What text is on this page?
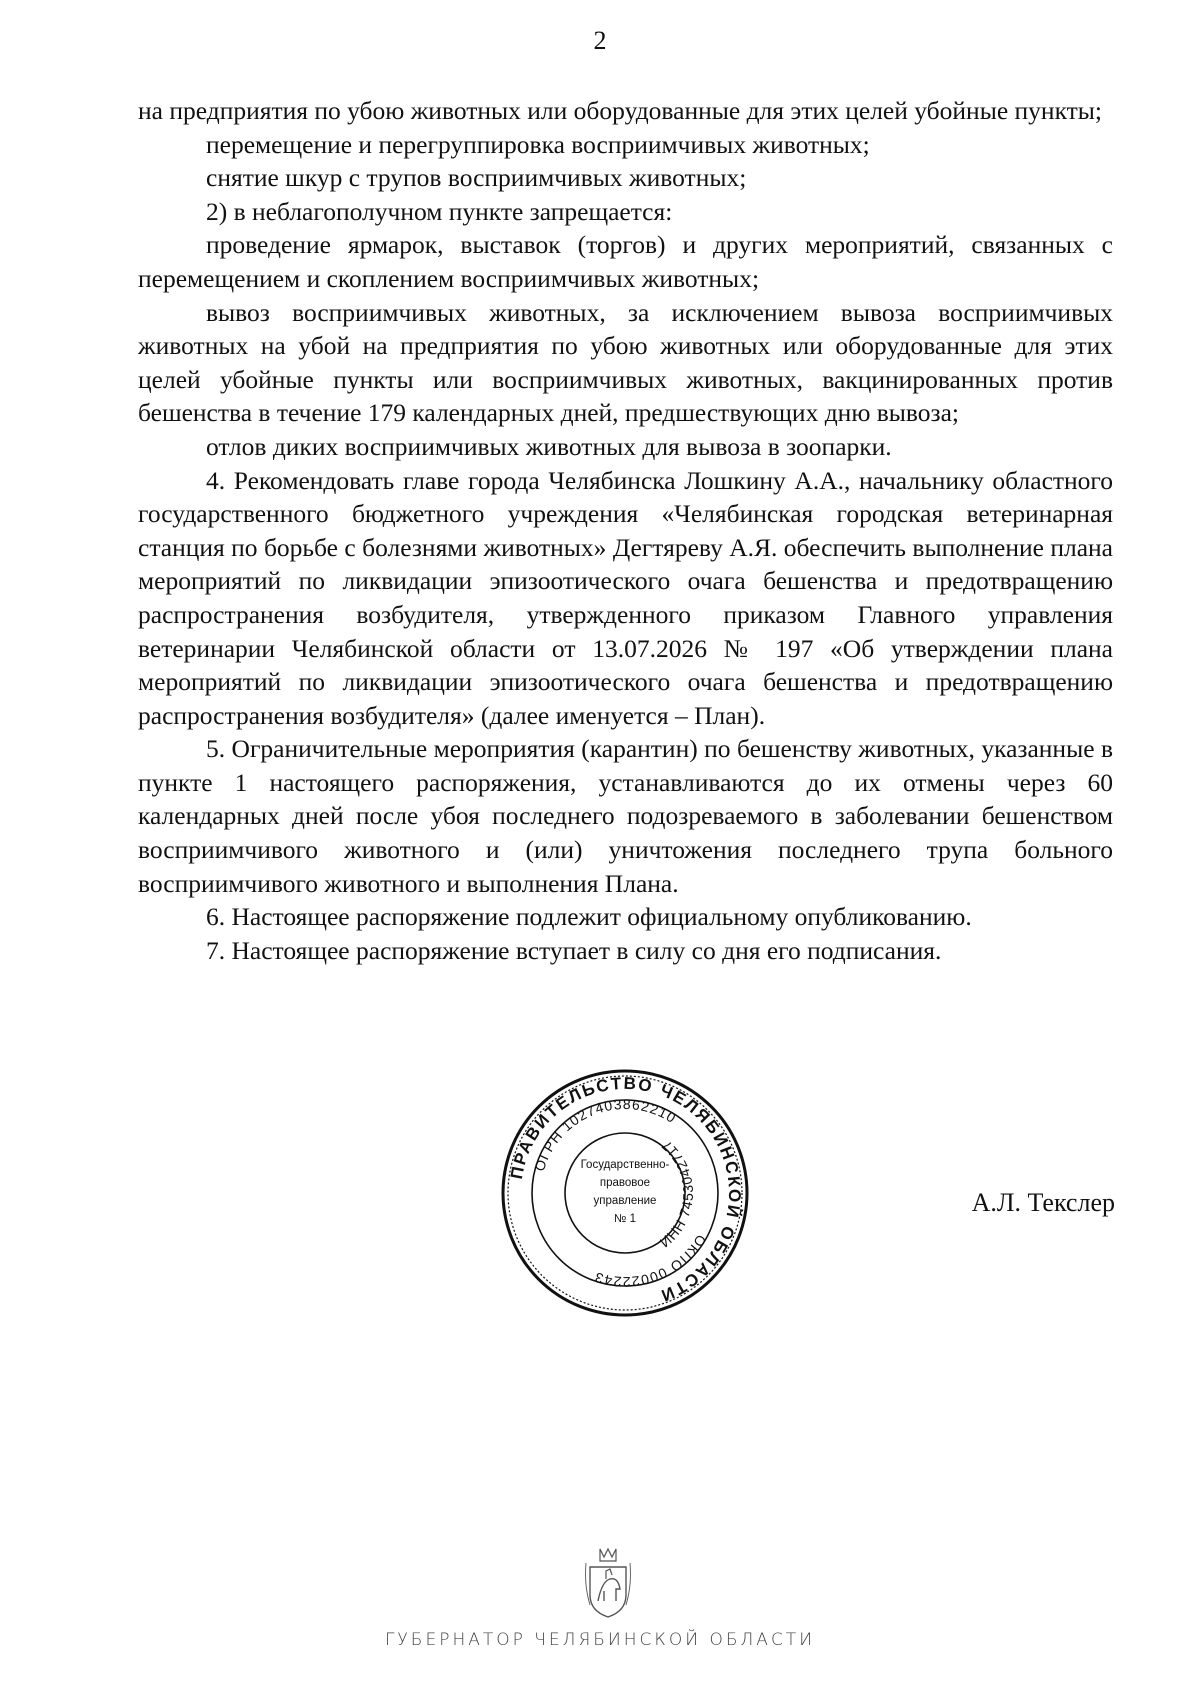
2

на предприятия по убою животных или оборудованные для этих целей убойные пункты;

перемещение и перегруппировка восприимчивых животных;

снятие шкур с трупов восприимчивых животных;

2) в неблагополучном пункте запрещается:

проведение ярмарок, выставок (торгов) и других мероприятий, связанных с перемещением и скоплением восприимчивых животных;

вывоз восприимчивых животных, за исключением вывоза восприимчивых животных на убой на предприятия по убою животных или оборудованные для этих целей убойные пункты или восприимчивых животных, вакцинированных против бешенства в течение 179 календарных дней, предшествующих дню вывоза;

отлов диких восприимчивых животных для вывоза в зоопарки.

4. Рекомендовать главе города Челябинска Лошкину А.А., начальнику областного государственного бюджетного учреждения «Челябинская городская ветеринарная станция по борьбе с болезнями животных» Дегтяреву А.Я. обеспечить выполнение плана мероприятий по ликвидации эпизоотического очага бешенства и предотвращению распространения возбудителя, утвержденного приказом Главного управления ветеринарии Челябинской области от 13.07.2026 № 197 «Об утверждении плана мероприятий по ликвидации эпизоотического очага бешенства и предотвращению распространения возбудителя» (далее именуется – План).

5. Ограничительные мероприятия (карантин) по бешенству животных, указанные в пункте 1 настоящего распоряжения, устанавливаются до их отмены через 60 календарных дней после убоя последнего подозреваемого в заболевании бешенством восприимчивого животного и (или) уничтожения последнего трупа больного восприимчивого животного и выполнения Плана.

6. Настоящее распоряжение подлежит официальному опубликованию.

7. Настоящее распоряжение вступает в силу со дня его подписания.

ПРАВИТЕЛЬСТВО ЧЕЛЯБИНСКОЙ ОБЛАСТИ
ОГРН 1027403862210
ОКПО 00022243
ИНН 7453042717
Государственно-
правовое
управление
№ 1
А.Л. Текслер
ГУБЕРНАТОР ЧЕЛЯБИНСКОЙ ОБЛАСТИ
